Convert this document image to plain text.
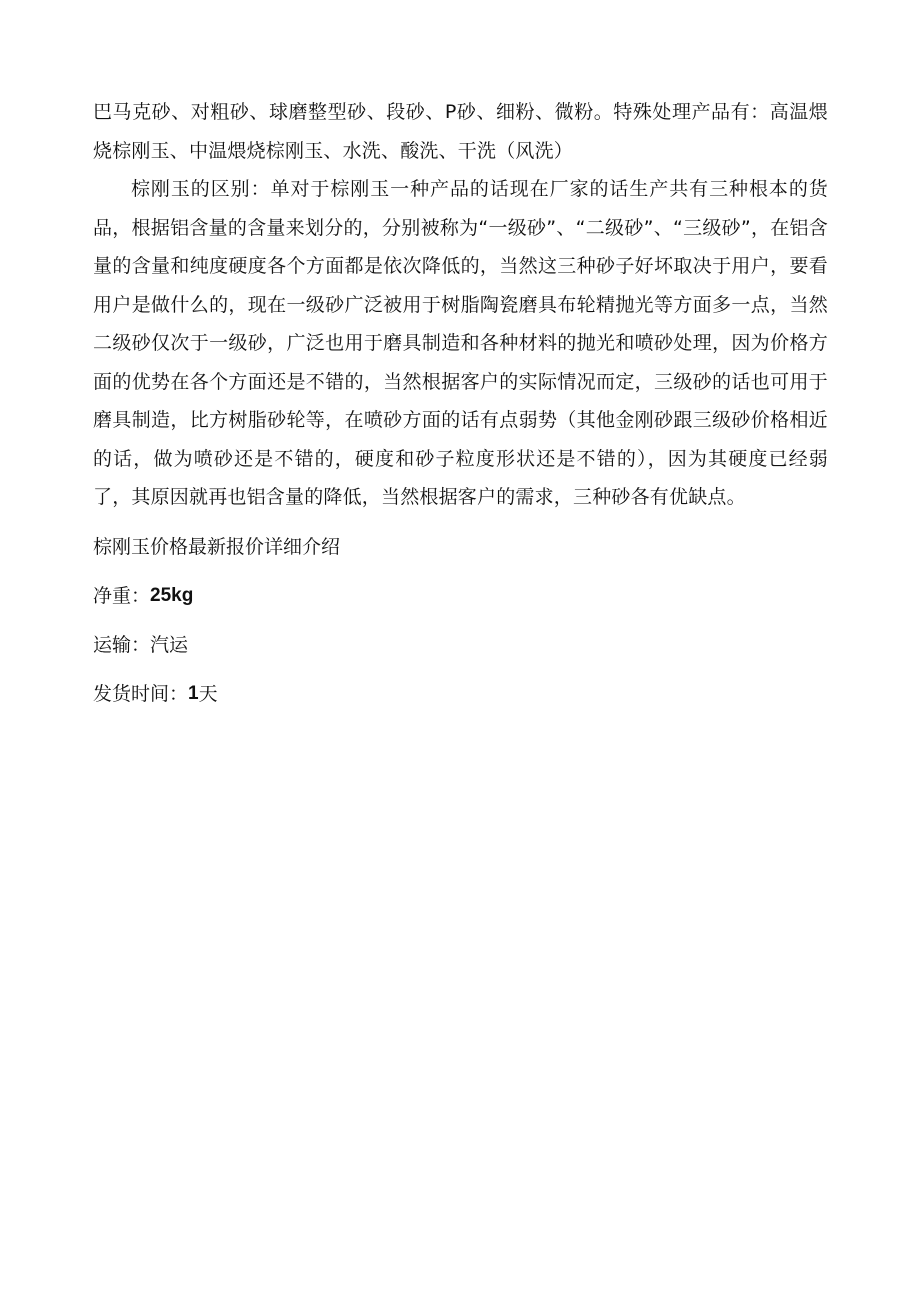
巴马克砂、对粗砂、球磨整型砂、段砂、P砂、细粉、微粉。特殊处理产品有：高温煨烧棕刚玉、中温煨烧棕刚玉、水洗、酸洗、干洗（风洗）

棕刚玉的区别：单对于棕刚玉一种产品的话现在厂家的话生产共有三种根本的货品，根据铝含量的含量来划分的，分别被称为“一级砂”、“二级砂”、“三级砂”，在铝含量的含量和纯度硬度各个方面都是依次降低的，当然这三种砂子好坏取决于用户，要看用户是做什么的，现在一级砂广泛被用于树脂陶瓷磨具布轮精抛光等方面多一点，当然二级砂仅次于一级砂，广泛也用于磨具制造和各种材料的抛光和喷砂处理，因为价格方面的优势在各个方面还是不错的，当然根据客户的实际情况而定，三级砂的话也可用于磨具制造，比方树脂砂轮等，在喷砂方面的话有点弱势（其他金刚砂跟三级砂价格相近的话，做为喷砂还是不错的，硬度和砂子粒度形状还是不错的），因为其硬度已经弱了，其原因就再也铝含量的降低，当然根据客户的需求，三种砂各有优缺点。

棕刚玉价格最新报价详细介绍

净重： 25kg

运输： 汽运

发货时间： 1 天
